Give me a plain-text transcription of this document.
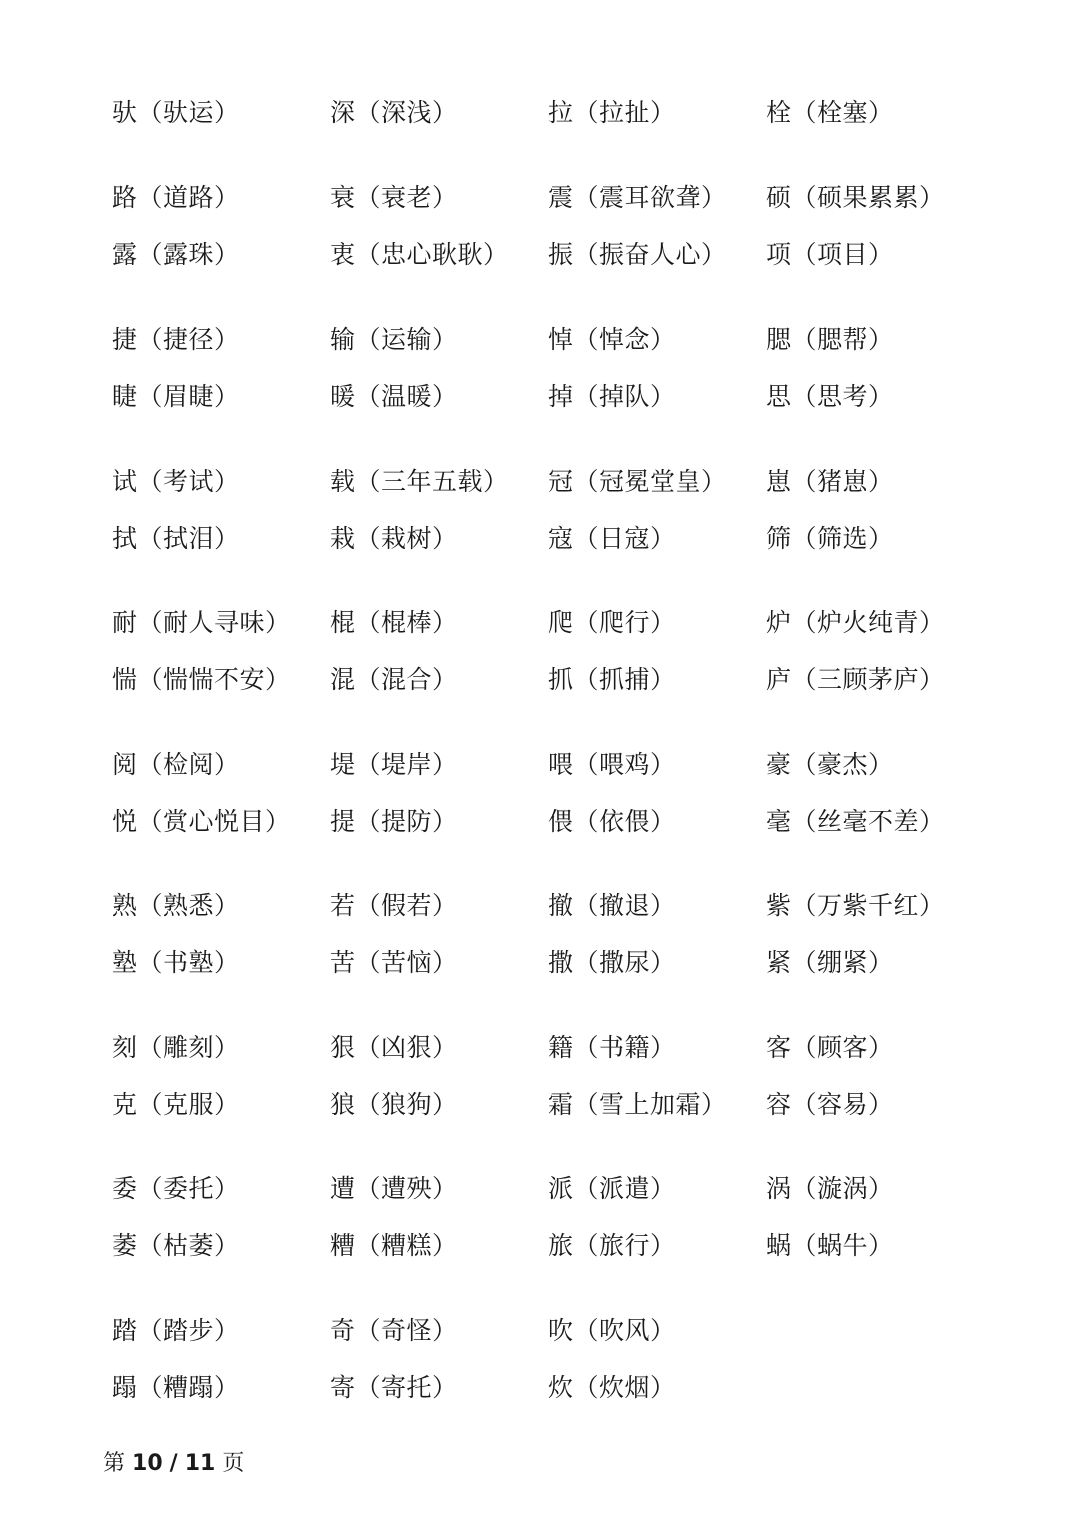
驮（驮运）	深（深浅）	拉（拉扯）	栓（栓塞）
路（道路）	衰（衰老）	震（震耳欲聋） 硕（硕果累累）
露（露珠）	衷（忠心耿耿） 振（振奋人心） 项（项目）
捷（捷径）	输（运输）	悼（悼念）	腮（腮帮）
睫（眉睫）	暖（温暖）	掉（掉队）	思（思考）
试（考试）	载（三年五载） 冠（冠冕堂皇） 崽（猪崽）
拭（拭泪）	栽（栽树）	寇（日寇）	筛（筛选）
耐（耐人寻味） 棍（棍棒）	爬（爬行）	炉（炉火纯青）
惴（惴惴不安） 混（混合）	抓（抓捕）	庐（三顾茅庐）
阅（检阅）	堤（堤岸）	喂（喂鸡）	豪（豪杰）
悦（赏心悦目） 提（提防）	偎（依偎）	毫（丝毫不差）
熟（熟悉）	若（假若）	撤（撤退）	紫（万紫千红）
塾（书塾）	苦（苦恼）	撒（撒尿）	紧（绷紧）
刻（雕刻）	狠（凶狠）	籍（书籍）	客（顾客）
克（克服）	狼（狼狗）	霜（雪上加霜） 容（容易）
委（委托）	遭（遭殃）	派（派遣）	涡（漩涡）
萎（枯萎）	糟（糟糕）	旅（旅行）	蜗（蜗牛）
踏（踏步）	奇（奇怪）	吹（吹风）
蹋（糟蹋）	寄（寄托）	炊（炊烟）
第 10 / 11 页
